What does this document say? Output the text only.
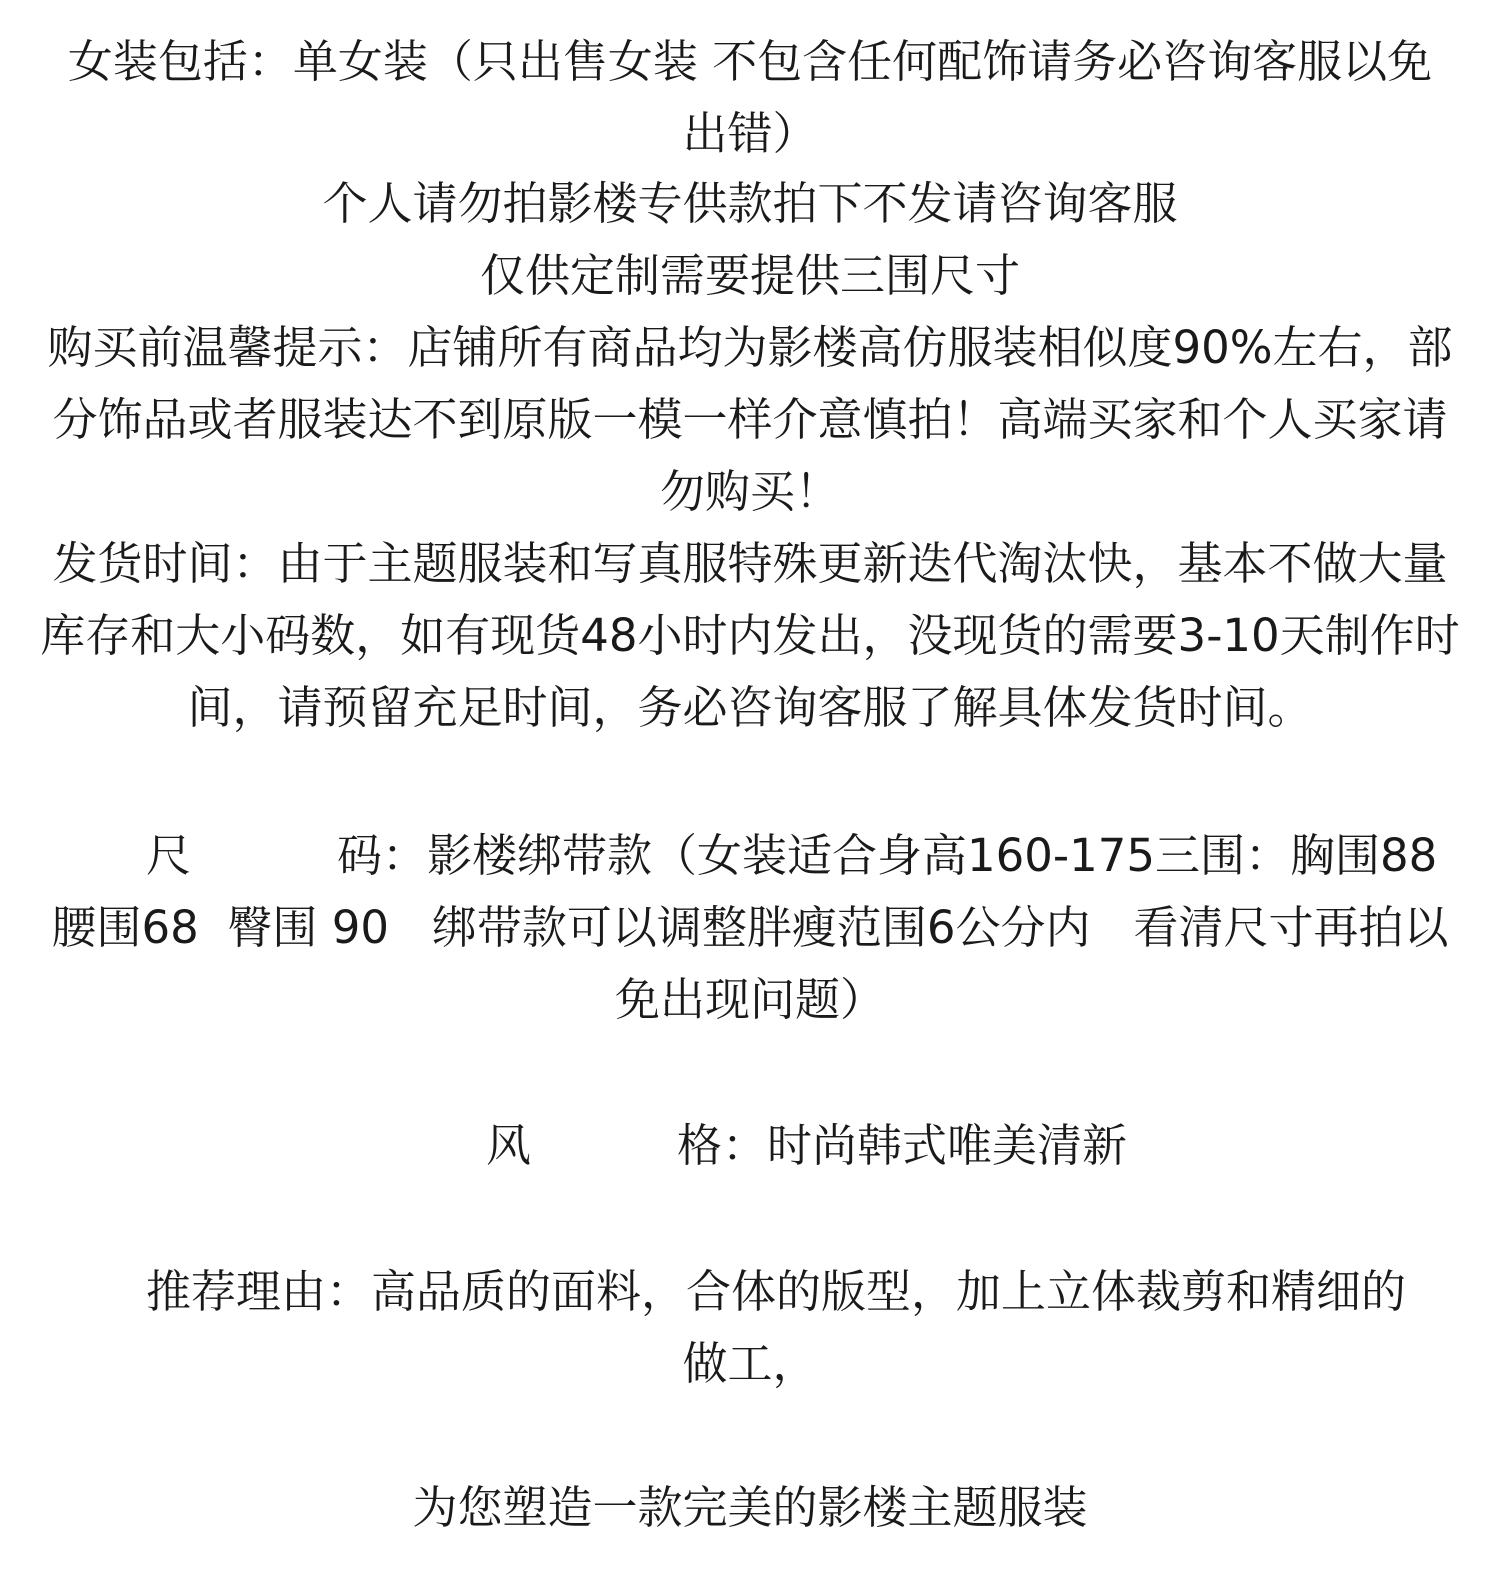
女装包括：单女装（只出售女装 不包含任何配饰请务必咨询客服以免
出错）
个人请勿拍影楼专供款拍下不发请咨询客服
仅供定制需要提供三围尺寸
购买前温馨提示：店铺所有商品均为影楼高仿服装相似度90%左右，部
分饰品或者服装达不到原版一模一样介意慎拍！高端买家和个人买家请
勿购买！
发货时间：由于主题服装和写真服特殊更新迭代淘汰快，基本不做大量
库存和大小码数，如有现货48小时内发出，没现货的需要3-10天制作时
间，请预留充足时间，务必咨询客服了解具体发货时间。
尺	码：影楼绑带款（女装适合身高160-175三围：胸围88
腰围68  臀围 90   绑带款可以调整胖瘦范围6公分内   看清尺寸再拍以
免出现问题）
风	格：时尚韩式唯美清新
推荐理由：高品质的面料，合体的版型，加上立体裁剪和精细的
做工，
为您塑造一款完美的影楼主题服装
